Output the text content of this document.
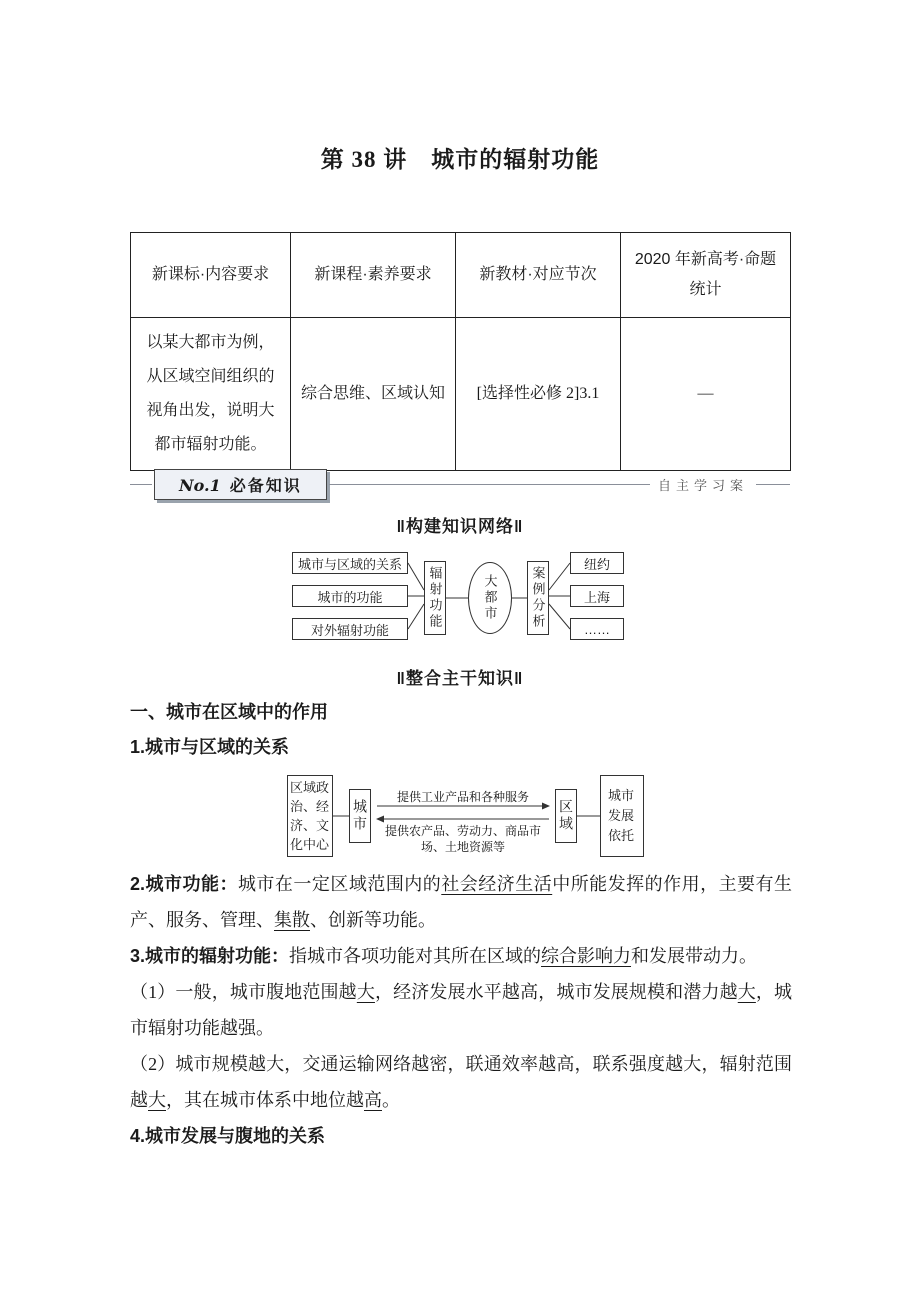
第 38 讲　城市的辐射功能
新课标·内容要求	新课程·素养要求	新教材·对应节次	2020 年新高考·命题统计
以某大都市为例，从区域空间组织的视角出发，说明大都市辐射功能。	综合思维、区域认知	[选择性必修 2]3.1	—
No.1 必备知识	自主学习案
‖构建知识网络‖
城市与区域的关系
城市的功能
对外辐射功能	辐射功能	大都市	案例分析
纽约
上海
……
‖整合主干知识‖
一、城市在区域中的作用
1.城市与区域的关系
区域政治、经济、文化中心
城市
提供工业产品和各种服务
提供农产品、劳动力、商品市场、土地资源等
区域
城市发展依托

2.城市功能：城市在一定区域范围内的社会经济生活中所能发挥的作用，主要有生产、服务、管理、集散、创新等功能。

3.城市的辐射功能：指城市各项功能对其所在区域的综合影响力和发展带动力。

（1）一般，城市腹地范围越大，经济发展水平越高，城市发展规模和潜力越大，城市辐射功能越强。

（2）城市规模越大，交通运输网络越密，联通效率越高，联系强度越大，辐射范围越大，其在城市体系中地位越高。

4.城市发展与腹地的关系
